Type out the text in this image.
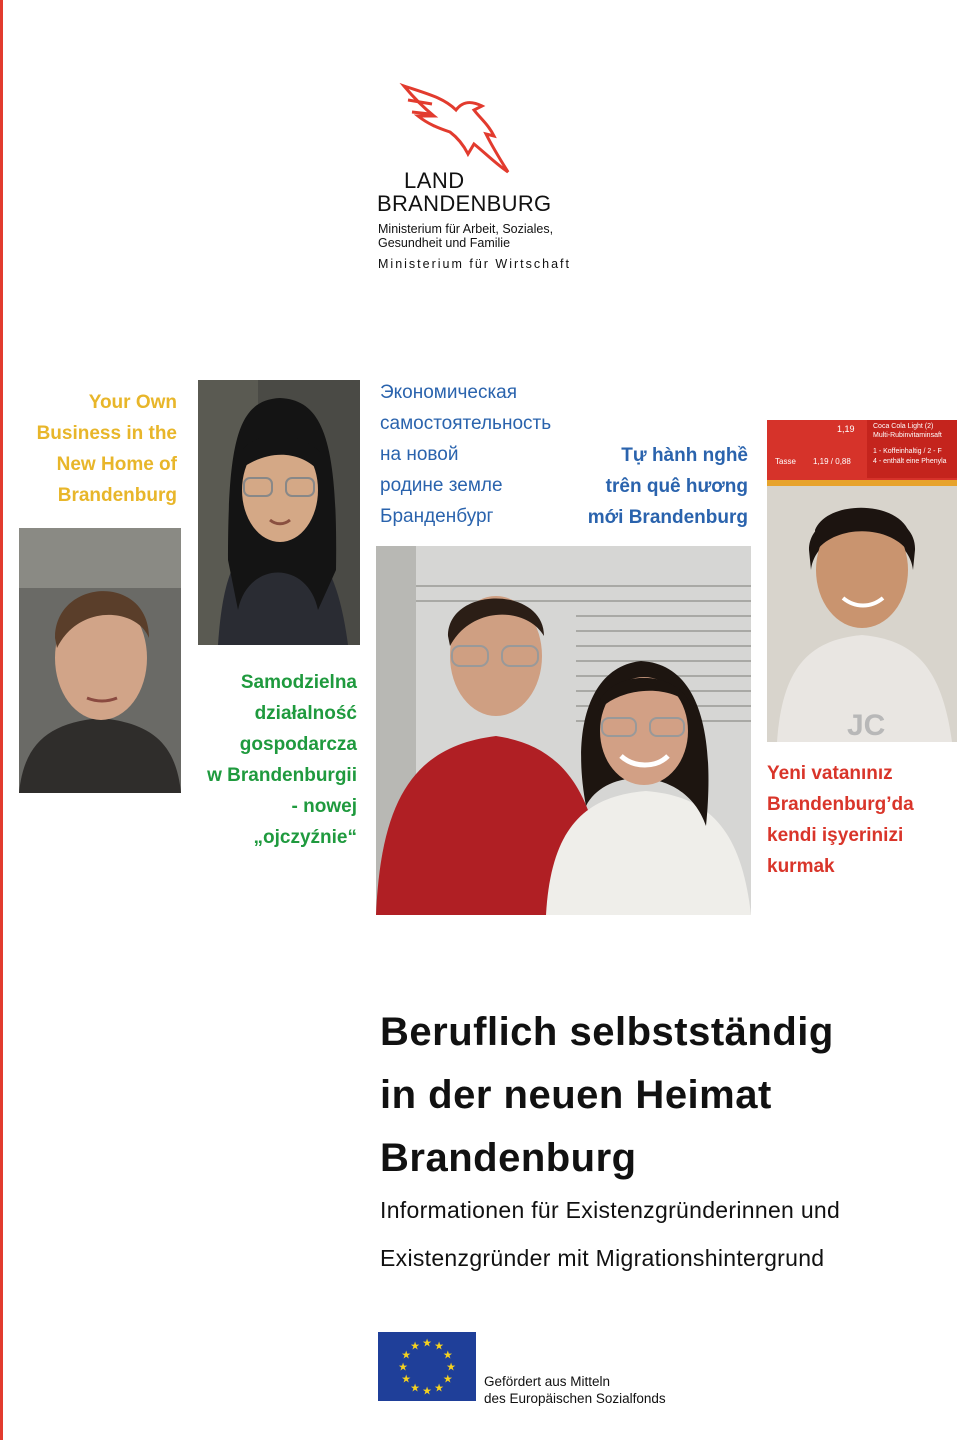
LAND
BRANDENBURG
Ministerium für Arbeit, Soziales,
Gesundheit und Familie
Ministerium für Wirtschaft
Your Own
Business in the
New Home of
Brandenburg
Экономическая
самостоятельность
на новой
родине земле
Бранденбург
Tự hành nghề
trên quê hương
mới Brandenburg
1,19
Tasse 1,19 / 0,88
Coca Cola Light (2)
Multi-Rubinvitaminsaft
1 - Koffeinhaltig / 2 - F
4 - enthält eine Phenyla
JC
Samodzielna
działalność
gospodarcza
w Brandenburgii
- nowej
„ojczyźnie“
Yeni vatanınız
Brandenburg’da
kendi işyerinizi
kurmak
Beruflich selbstständig
in der neuen Heimat
Brandenburg
Informationen für Existenzgründerinnen und
Existenzgründer mit Migrationshintergrund
★ ★
★
★
★
★
★
★
★
★
★
★
Gefördert aus Mitteln
des Europäischen Sozialfonds
